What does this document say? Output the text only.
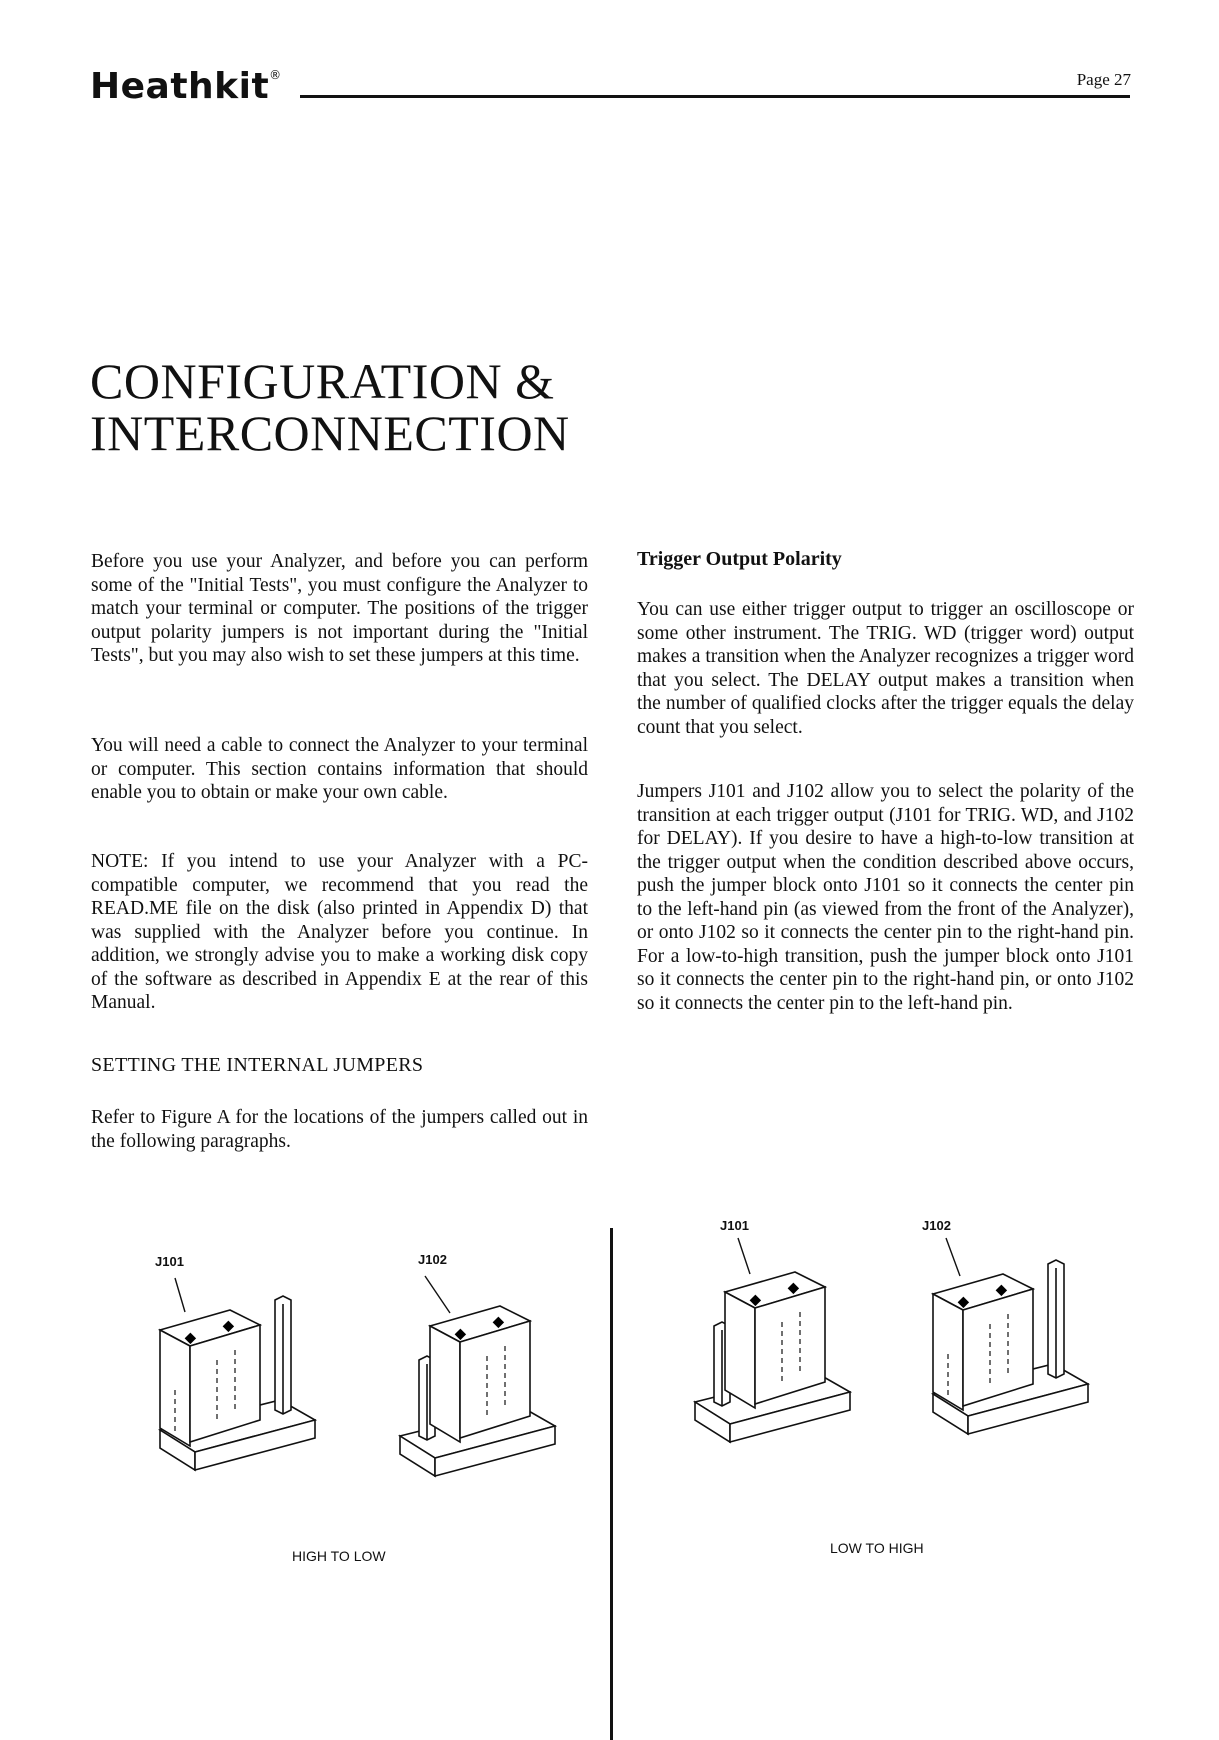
Heathkit®	Page 27
CONFIGURATION &
INTERCONNECTION

Before you use your Analyzer, and before you can perform some of the "Initial Tests", you must configure the Analyzer to match your terminal or computer. The positions of the trigger output polarity jumpers is not important during the "Initial Tests", but you may also wish to set these jumpers at this time.

You will need a cable to connect the Analyzer to your terminal or computer. This section contains information that should enable you to obtain or make your own cable.

NOTE: If you intend to use your Analyzer with a PC-compatible computer, we recommend that you read the READ.ME file on the disk (also printed in Appendix D) that was supplied with the Analyzer before you continue. In addition, we strongly advise you to make a working disk copy of the software as described in Appendix E at the rear of this Manual.

SETTING THE INTERNAL JUMPERS

Refer to Figure A for the locations of the jumpers called out in the following paragraphs.

Trigger Output Polarity

You can use either trigger output to trigger an oscilloscope or some other instrument. The TRIG. WD (trigger word) output makes a transition when the Analyzer recognizes a trigger word that you select. The DELAY output makes a transition when the number of qualified clocks after the trigger equals the delay count that you select.

Jumpers J101 and J102 allow you to select the polarity of the transition at each trigger output (J101 for TRIG. WD, and J102 for DELAY). If you desire to have a high-to-low transition at the trigger output when the condition described above occurs, push the jumper block onto J101 so it connects the center pin to the left-hand pin (as viewed from the front of the Analyzer), or onto J102 so it connects the center pin to the right-hand pin. For a low-to-high transition, push the jumper block onto J101 so it connects the center pin to the right-hand pin, or onto J102 so it connects the center pin to the left-hand pin.

J101	J102
◆
◆	◆
◆
HIGH TO LOW
J101	J102
◆
◆
◆
◆
LOW TO HIGH
